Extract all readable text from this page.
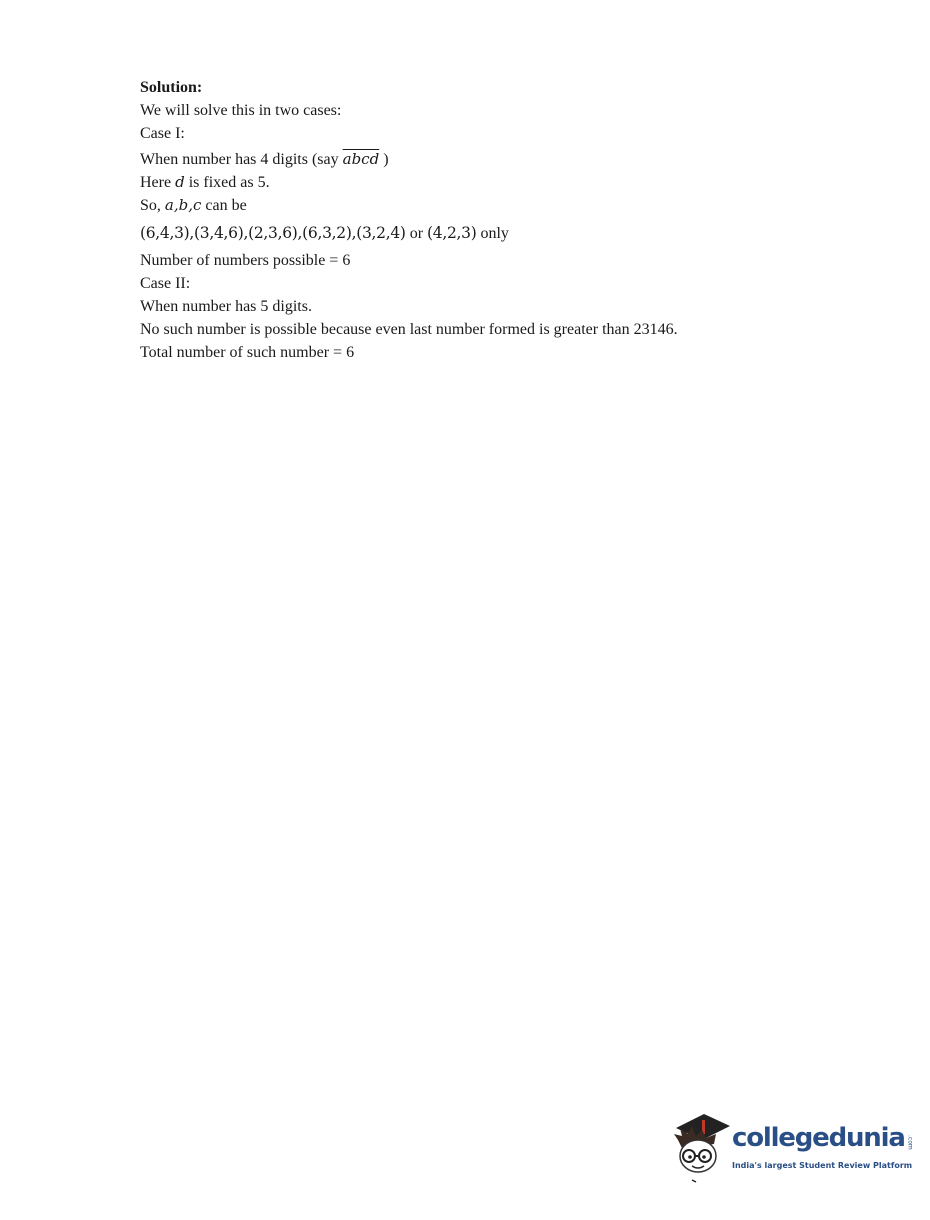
Solution:
We will solve this in two cases:
Case I:
When number has 4 digits (say abcd )
Here d is fixed as 5.
So, a,b,c can be
(6,4,3),(3,4,6),(2,3,6),(6,3,2),(3,2,4) or (4,2,3) only
Number of numbers possible = 6
Case II:
When number has 5 digits.
No such number is possible because even last number formed is greater than 23146.
Total number of such number = 6
collegedunia .com
India's largest Student Review Platform
